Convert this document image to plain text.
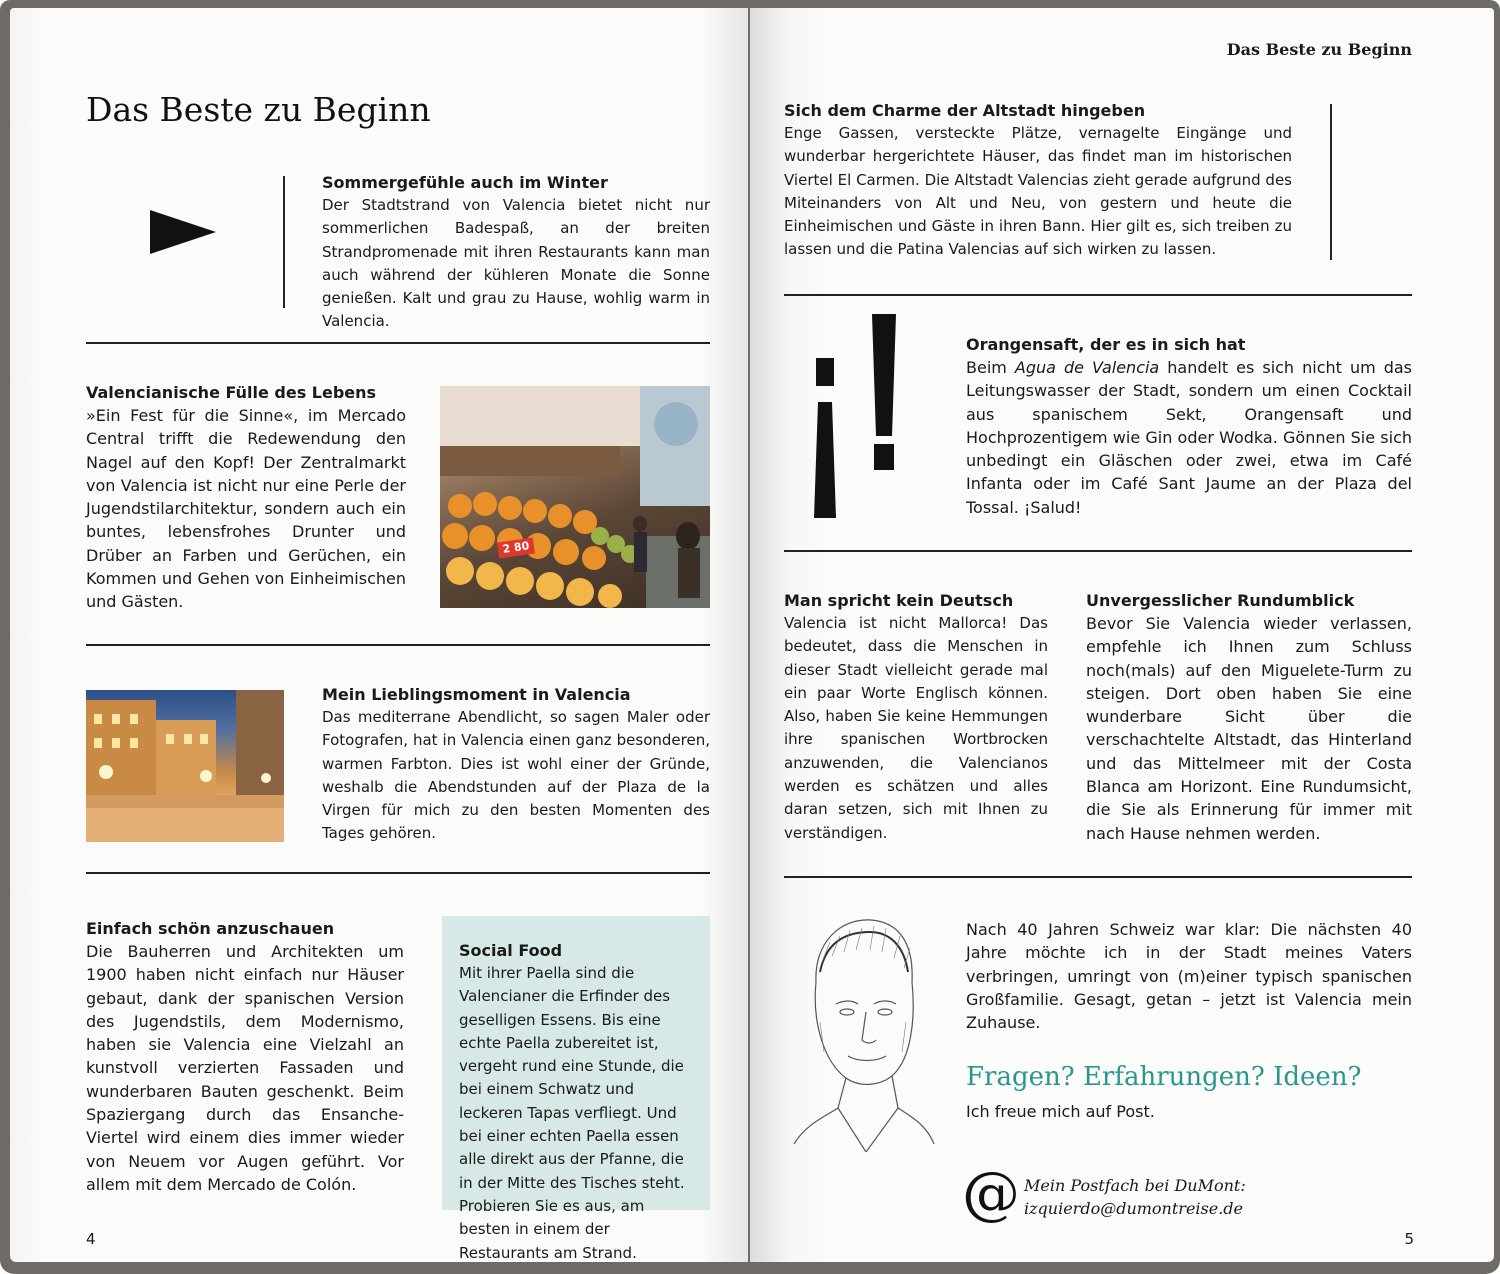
Das Beste zu Beginn
Sommergefühle auch im Winter
Der Stadtstrand von Valencia bietet nicht nur sommerlichen Badespaß, an der breiten Strandpromenade mit ihren Restaurants kann man auch während der kühleren Monate die Sonne genießen. Kalt und grau zu Hause, wohlig warm in Valencia.
Valencianische Fülle des Lebens
»Ein Fest für die Sinne«, im Mercado Central trifft die Redewendung den Nagel auf den Kopf! Der Zentralmarkt von Valencia ist nicht nur eine Perle der Jugendstilarchitektur, sondern auch ein buntes, lebensfrohes Drunter und Drüber an Farben und Gerüchen, ein Kommen und Gehen von Einheimischen und Gästen.
2 80
Mein Lieblingsmoment in Valencia
Das mediterrane Abendlicht, so sagen Maler oder Fotografen, hat in Valencia einen ganz besonderen, warmen Farbton. Dies ist wohl einer der Gründe, weshalb die Abendstunden auf der Plaza de la Virgen für mich zu den besten Momenten des Tages gehören.
Einfach schön anzuschauen
Die Bauherren und Architekten um 1900 haben nicht einfach nur Häuser gebaut, dank der spanischen Version des Jugendstils, dem Modernismo, haben sie Valencia eine Vielzahl an kunstvoll verzierten Fassaden und wunderbaren Bauten geschenkt. Beim Spaziergang durch das Ensanche-Viertel wird einem dies immer wieder von Neuem vor Augen geführt. Vor allem mit dem Mercado de Colón.
Social Food
Mit ihrer Paella sind die Valencianer die Erfinder des geselligen Essens. Bis eine echte Paella zubereitet ist, vergeht rund eine Stunde, die bei einem Schwatz und leckeren Tapas verfliegt. Und bei einer echten Paella essen alle direkt aus der Pfanne, die in der Mitte des Tisches steht. Probieren Sie es aus, am besten in einem der Restaurants am Strand.
4
Das Beste zu Beginn
Sich dem Charme der Altstadt hingeben
Enge Gassen, versteckte Plätze, vernagelte Eingänge und wunderbar hergerichtete Häuser, das findet man im historischen Viertel El Carmen. Die Altstadt Valencias zieht gerade aufgrund des Miteinanders von Alt und Neu, von gestern und heute die Einheimischen und Gäste in ihren Bann. Hier gilt es, sich treiben zu lassen und die Patina Valencias auf sich wirken zu lassen.
Orangensaft, der es in sich hat
Beim Agua de Valencia handelt es sich nicht um das Leitungswasser der Stadt, sondern um einen Cocktail aus spanischem Sekt, Orangensaft und Hochprozentigem wie Gin oder Wodka. Gönnen Sie sich unbedingt ein Gläschen oder zwei, etwa im Café Infanta oder im Café Sant Jaume an der Plaza del Tossal. ¡Salud!
Man spricht kein Deutsch
Valencia ist nicht Mallorca! Das bedeutet, dass die Menschen in dieser Stadt vielleicht gerade mal ein paar Worte Englisch können. Also, haben Sie keine Hemmungen ihre spanischen Wortbrocken anzuwenden, die Valencianos werden es schätzen und alles daran setzen, sich mit Ihnen zu verständigen.
Unvergesslicher Rundumblick
Bevor Sie Valencia wieder verlassen, empfehle ich Ihnen zum Schluss noch(mals) auf den Miguelete-Turm zu steigen. Dort oben haben Sie eine wunderbare Sicht über die verschachtelte Altstadt, das Hinterland und das Mittelmeer mit der Costa Blanca am Horizont. Eine Rundumsicht, die Sie als Erinnerung für immer mit nach Hause nehmen werden.
Nach 40 Jahren Schweiz war klar: Die nächsten 40 Jahre möchte ich in der Stadt meines Vaters verbringen, umringt von (m)einer typisch spanischen Großfamilie. Gesagt, getan – jetzt ist Valencia mein Zuhause.
Fragen? Erfahrungen? Ideen?
Ich freue mich auf Post.
@ Mein Postfach bei DuMont:
izquierdo@dumontreise.de
5
